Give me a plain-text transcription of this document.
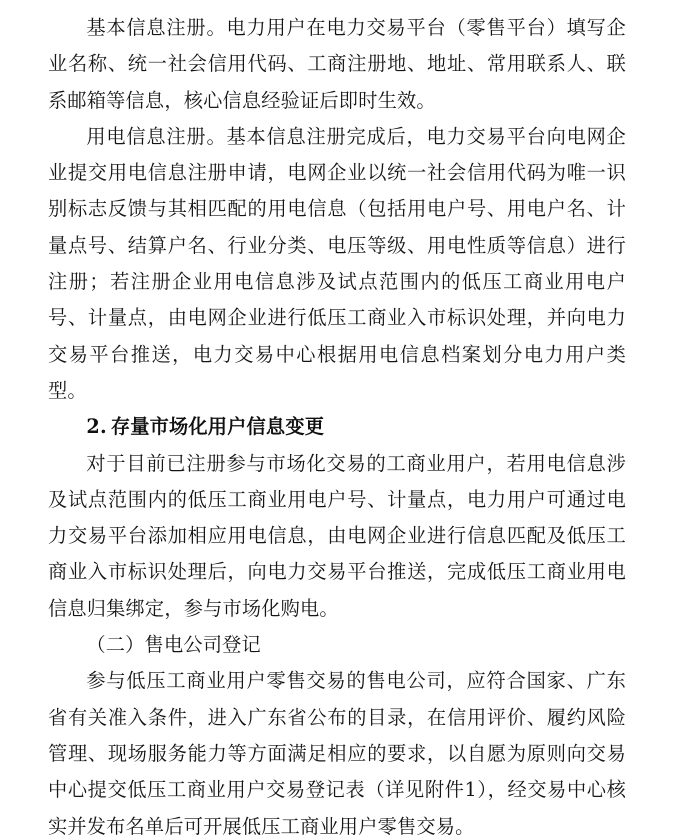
基本信息注册。电力用户在电力交易平台（零售平台）填写企业名称、统一社会信用代码、工商注册地、地址、常用联系人、联系邮箱等信息，核心信息经验证后即时生效。

用电信息注册。基本信息注册完成后，电力交易平台向电网企业提交用电信息注册申请，电网企业以统一社会信用代码为唯一识别标志反馈与其相匹配的用电信息（包括用电户号、用电户名、计量点号、结算户名、行业分类、电压等级、用电性质等信息）进行注册；若注册企业用电信息涉及试点范围内的低压工商业用电户号、计量点，由电网企业进行低压工商业入市标识处理，并向电力交易平台推送，电力交易中心根据用电信息档案划分电力用户类型。

2. 存量市场化用户信息变更

对于目前已注册参与市场化交易的工商业用户，若用电信息涉及试点范围内的低压工商业用电户号、计量点，电力用户可通过电力交易平台添加相应用电信息，由电网企业进行信息匹配及低压工商业入市标识处理后，向电力交易平台推送，完成低压工商业用电信息归集绑定，参与市场化购电。

（二）售电公司登记

参与低压工商业用户零售交易的售电公司，应符合国家、广东省有关准入条件，进入广东省公布的目录，在信用评价、履约风险管理、现场服务能力等方面满足相应的要求，以自愿为原则向交易中心提交低压工商业用户交易登记表（详见附件1），经交易中心核实并发布名单后可开展低压工商业用户零售交易。
